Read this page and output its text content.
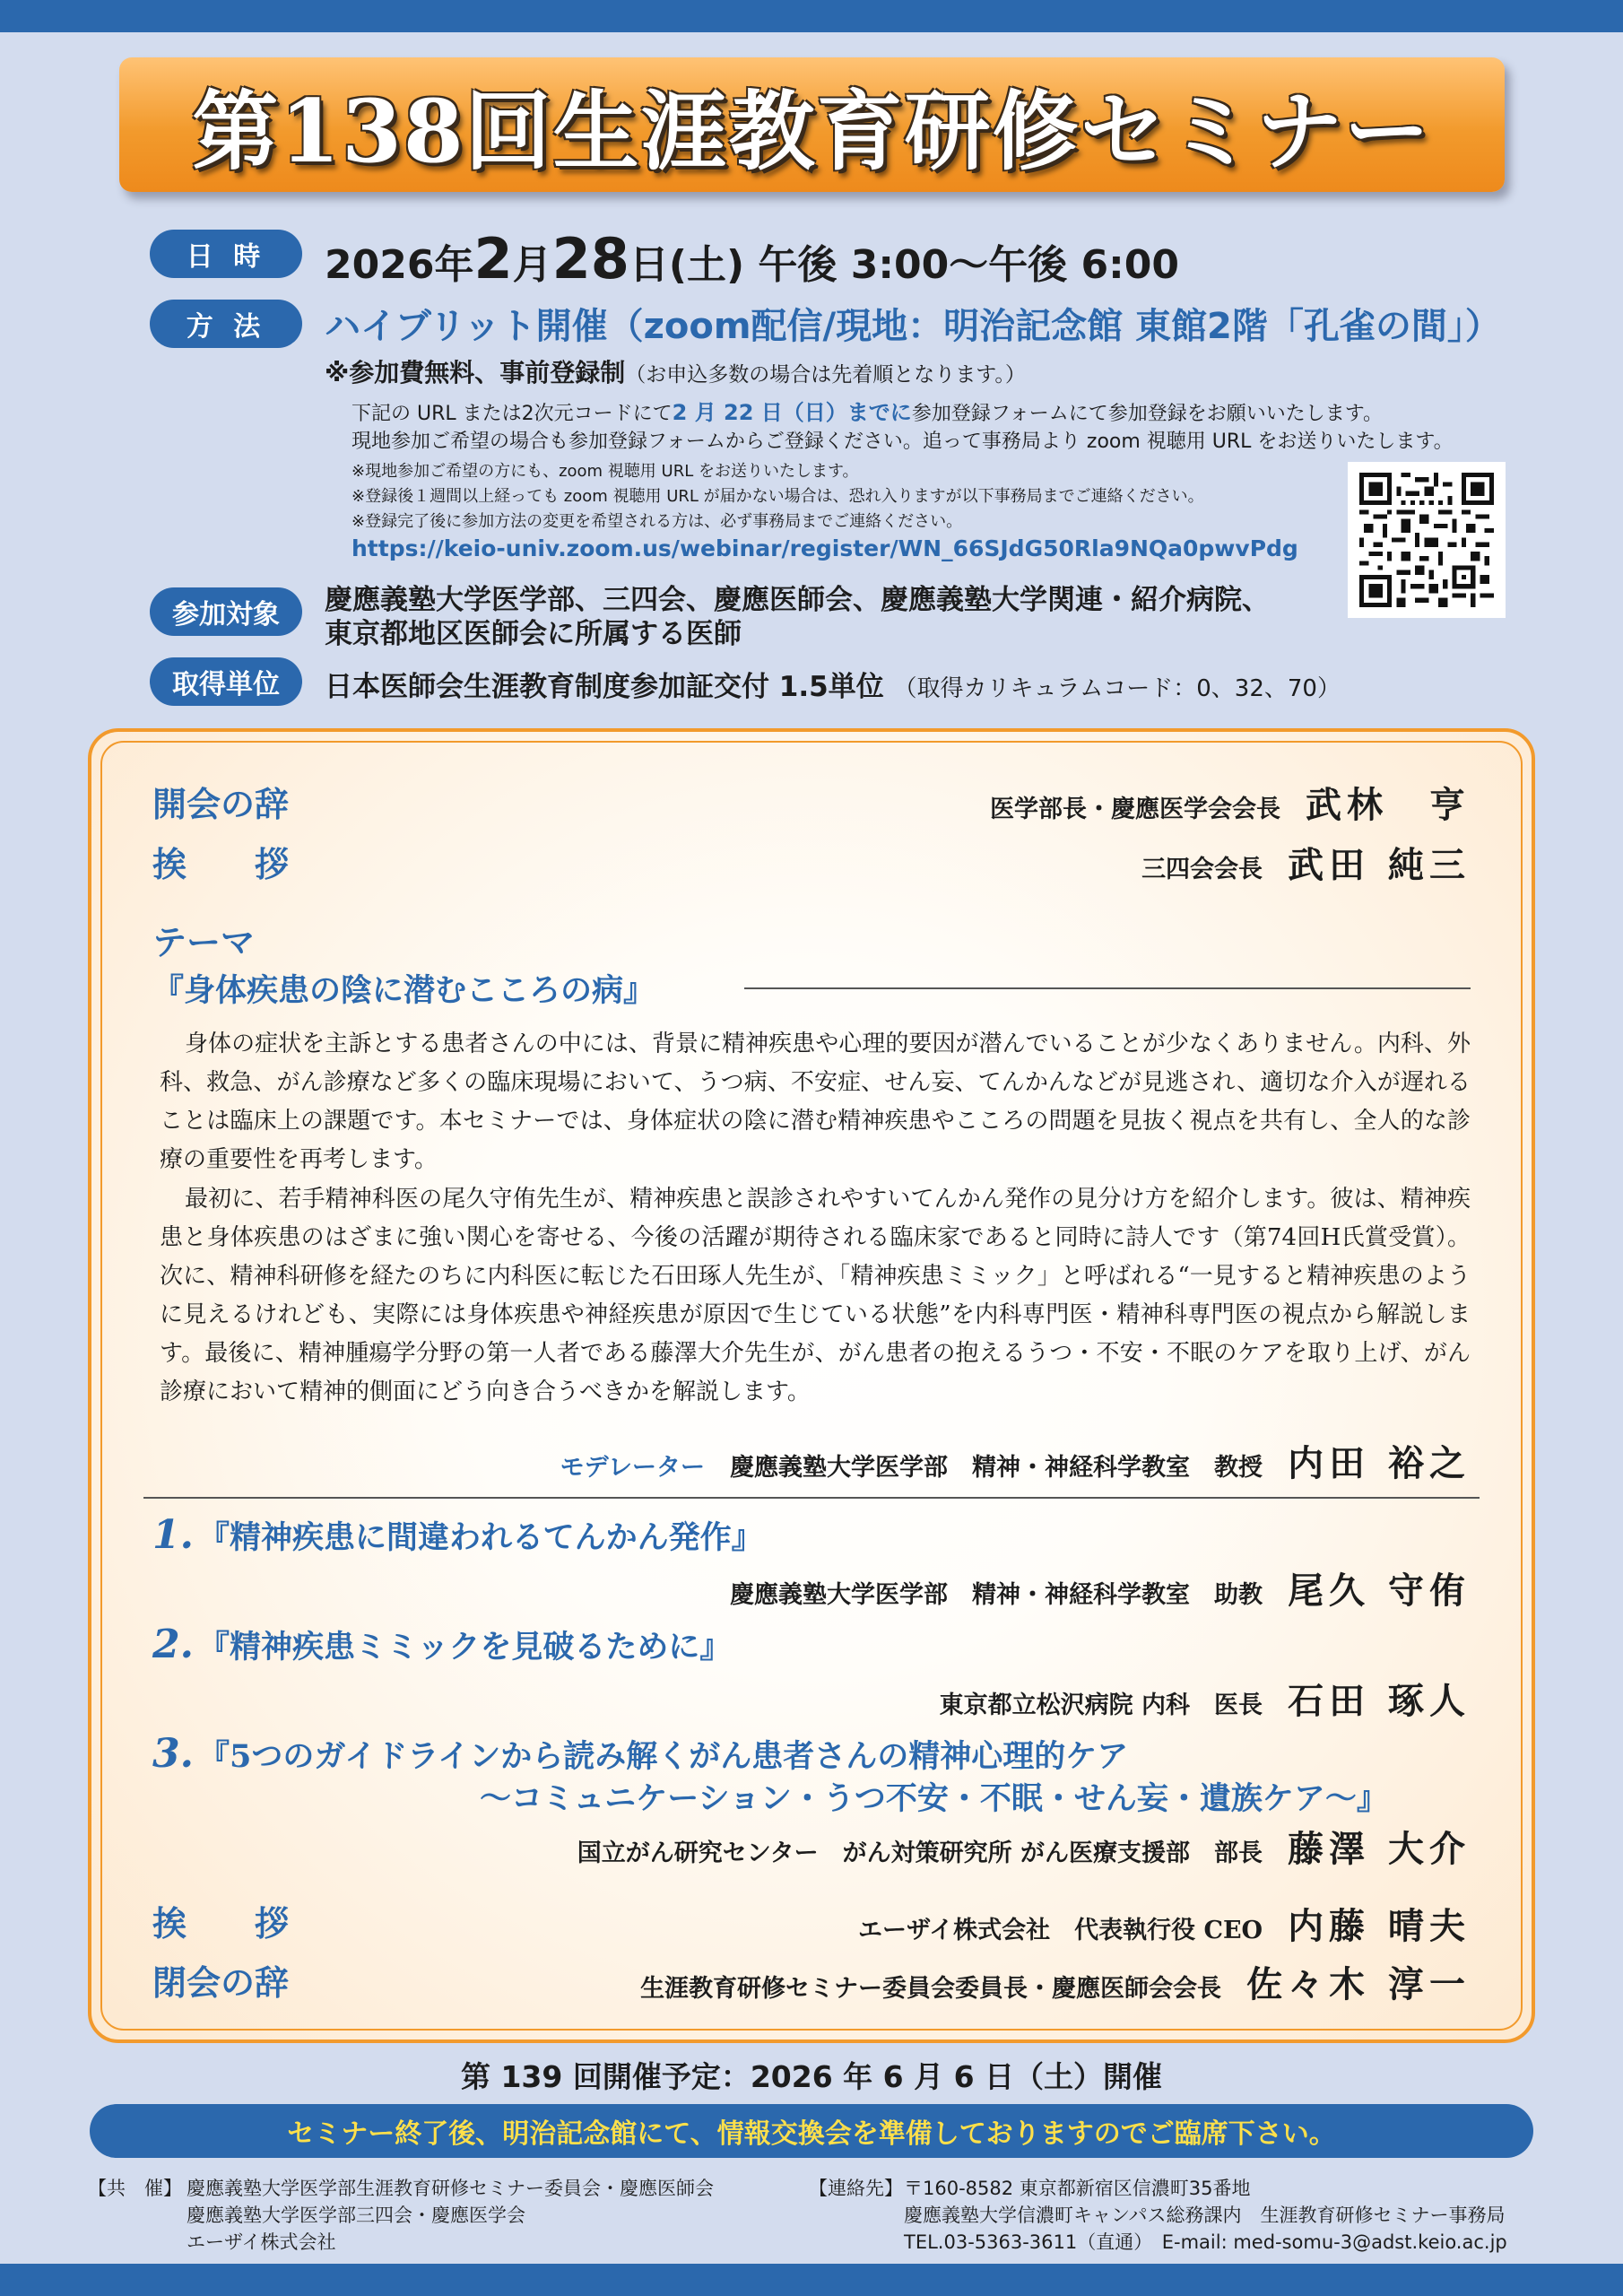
第138回生涯教育研修セミナー
日 時	2026年2月28日(土) 午後 3:00〜午後 6:00
方 法	ハイブリット開催（zoom配信/現地：明治記念館 東館2階「孔雀の間」）
※参加費無料、事前登録制（お申込多数の場合は先着順となります。）
下記の URL または2次元コードにて2 月 22 日（日）までに参加登録フォームにて参加登録をお願いいたします。
現地参加ご希望の場合も参加登録フォームからご登録ください。追って事務局より zoom 視聴用 URL をお送りいたします。
※現地参加ご希望の方にも、zoom 視聴用 URL をお送りいたします。
※登録後１週間以上経っても zoom 視聴用 URL が届かない場合は、恐れ入りますが以下事務局までご連絡ください。
※登録完了後に参加方法の変更を希望される方は、必ず事務局までご連絡ください。
https://keio-univ.zoom.us/webinar/register/WN_66SJdG50Rla9NQa0pwvPdg
参加対象	慶應義塾大学医学部、三四会、慶應医師会、慶應義塾大学関連・紹介病院、
東京都地区医師会に所属する医師
取得単位	日本医師会生涯教育制度参加証交付 1.5単位 （取得カリキュラムコード：0、32、70）
開会の辞	医学部長・慶應医学会会長 武林　亨
挨　　拶	三四会会長 武田 純三
テーマ
『身体疾患の陰に潜むこころの病』
身体の症状を主訴とする患者さんの中には、背景に精神疾患や心理的要因が潜んでいることが少なくありません。内科、外科、救急、がん診療など多くの臨床現場において、うつ病、不安症、せん妄、てんかんなどが見逃され、適切な介入が遅れることは臨床上の課題です。本セミナーでは、身体症状の陰に潜む精神疾患やこころの問題を見抜く視点を共有し、全人的な診療の重要性を再考します。
最初に、若手精神科医の尾久守侑先生が、精神疾患と誤診されやすいてんかん発作の見分け方を紹介します。彼は、精神疾患と身体疾患のはざまに強い関心を寄せる、今後の活躍が期待される臨床家であると同時に詩人です（第74回H氏賞受賞）。次に、精神科研修を経たのちに内科医に転じた石田琢人先生が、「精神疾患ミミック」と呼ばれる“一見すると精神疾患のように見えるけれども、実際には身体疾患や神経疾患が原因で生じている状態”を内科専門医・精神科専門医の視点から解説します。最後に、精神腫瘍学分野の第一人者である藤澤大介先生が、がん患者の抱えるうつ・不安・不眠のケアを取り上げ、がん診療において精神的側面にどう向き合うべきかを解説します。
モデレーター 慶應義塾大学医学部　精神・神経科学教室　教授 内田 裕之
1. 『精神疾患に間違われるてんかん発作』
慶應義塾大学医学部　精神・神経科学教室　助教 尾久 守侑
2. 『精神疾患ミミックを見破るために』
東京都立松沢病院 内科　医長 石田 琢人
3. 『5つのガイドラインから読み解くがん患者さんの精神心理的ケア
〜コミュニケーション・うつ不安・不眠・せん妄・遺族ケア〜』
国立がん研究センター　がん対策研究所 がん医療支援部　部長 藤澤 大介
挨　　拶	エーザイ株式会社　代表執行役 CEO 内藤 晴夫
閉会の辞	生涯教育研修セミナー委員会委員長・慶應医師会会長 佐々木 淳一
第 139 回開催予定：2026 年 6 月 6 日（土）開催
セミナー終了後、明治記念館にて、情報交換会を準備しておりますのでご臨席下さい。
【共　催】 慶應義塾大学医学部生涯教育研修セミナー委員会・慶應医師会
慶應義塾大学医学部三四会・慶應医学会
エーザイ株式会社
【連絡先】 〒160-8582 東京都新宿区信濃町35番地
慶應義塾大学信濃町キャンパス総務課内　生涯教育研修セミナー事務局
TEL.03-5363-3611（直通）　E-mail: med-somu-3@adst.keio.ac.jp
